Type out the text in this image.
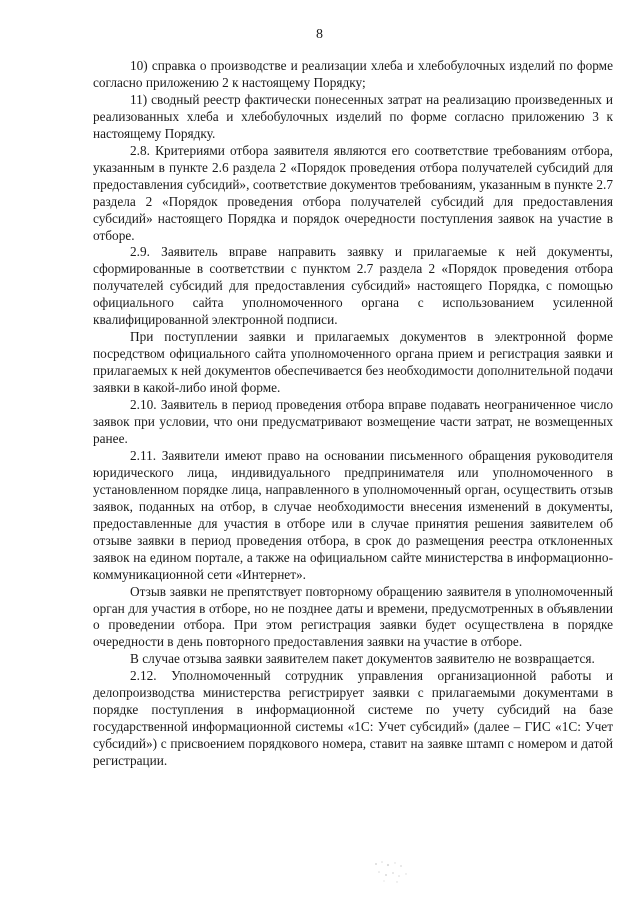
8

10) справка о производстве и реализации хлеба и хлебобулочных изделий по форме согласно приложению 2 к настоящему Порядку;

11) сводный реестр фактически понесенных затрат на реализацию произведенных и реализованных хлеба и хлебобулочных изделий по форме согласно приложению 3 к настоящему Порядку.

2.8. Критериями отбора заявителя являются его соответствие требованиям отбора, указанным в пункте 2.6 раздела 2 «Порядок проведения отбора получателей субсидий для предоставления субсидий», соответствие документов требованиям, указанным в пункте 2.7 раздела 2 «Порядок проведения отбора получателей субсидий для предоставления субсидий» настоящего Порядка и порядок очередности поступления заявок на участие в отборе.

2.9. Заявитель вправе направить заявку и прилагаемые к ней документы, сформированные в соответствии с пунктом 2.7 раздела 2 «Порядок проведения отбора получателей субсидий для предоставления субсидий» настоящего Порядка, с помощью официального сайта уполномоченного органа с использованием усиленной квалифицированной электронной подписи.

При поступлении заявки и прилагаемых документов в электронной форме посредством официального сайта уполномоченного органа прием и регистрация заявки и прилагаемых к ней документов обеспечивается без необходимости дополнительной подачи заявки в какой-либо иной форме.

2.10. Заявитель в период проведения отбора вправе подавать неограниченное число заявок при условии, что они предусматривают возмещение части затрат, не возмещенных ранее.

2.11. Заявители имеют право на основании письменного обращения руководителя юридического лица, индивидуального предпринимателя или уполномоченного в установленном порядке лица, направленного в уполномоченный орган, осуществить отзыв заявок, поданных на отбор, в случае необходимости внесения изменений в документы, предоставленные для участия в отборе или в случае принятия решения заявителем об отзыве заявки в период проведения отбора, в срок до размещения реестра отклоненных заявок на едином портале, а также на официальном сайте министерства в информационно-коммуникационной сети «Интернет».

Отзыв заявки не препятствует повторному обращению заявителя в уполномоченный орган для участия в отборе, но не позднее даты и времени, предусмотренных в объявлении о проведении отбора. При этом регистрация заявки будет осуществлена в порядке очередности в день повторного предоставления заявки на участие в отборе.

В случае отзыва заявки заявителем пакет документов заявителю не возвращается.

2.12. Уполномоченный сотрудник управления организационной работы и делопроизводства министерства регистрирует заявки с прилагаемыми документами в порядке поступления в информационной системе по учету субсидий на базе государственной информационной системы «1С: Учет субсидий» (далее – ГИС «1С: Учет субсидий») с присвоением порядкового номера, ставит на заявке штамп с номером и датой регистрации.
